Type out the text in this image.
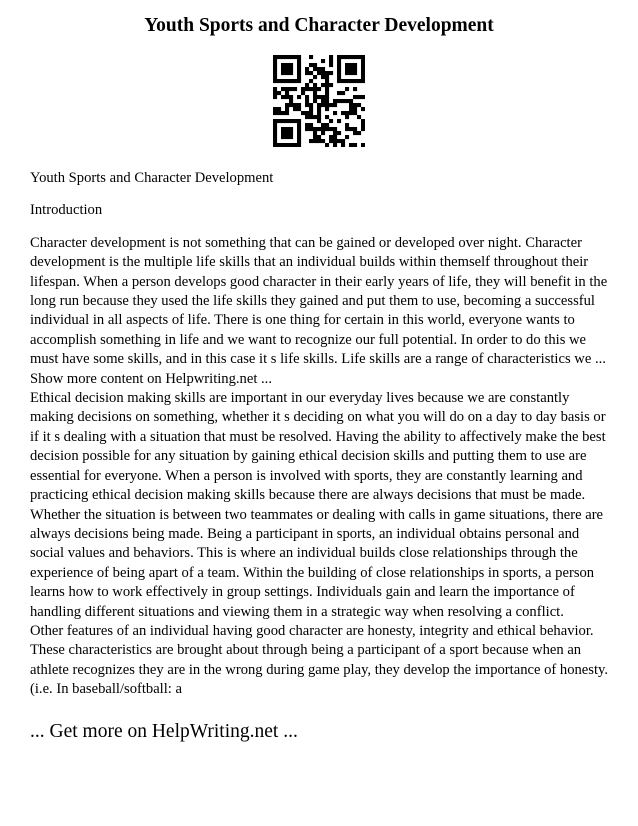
Youth Sports and Character Development

Youth Sports and Character Development

Introduction

Character development is not something that can be gained or developed over night. Character development is the multiple life skills that an individual builds within themself throughout their lifespan. When a person develops good character in their early years of life, they will benefit in the long run because they used the life skills they gained and put them to use, becoming a successful individual in all aspects of life. There is one thing for certain in this world, everyone wants to accomplish something in life and we want to recognize our full potential. In order to do this we must have some skills, and in this case it s life skills. Life skills are a range of characteristics we ... Show more content on Helpwriting.net ...

Ethical decision making skills are important in our everyday lives because we are constantly making decisions on something, whether it s deciding on what you will do on a day to day basis or if it s dealing with a situation that must be resolved. Having the ability to affectively make the best decision possible for any situation by gaining ethical decision skills and putting them to use are essential for everyone. When a person is involved with sports, they are constantly learning and practicing ethical decision making skills because there are always decisions that must be made. Whether the situation is between two teammates or dealing with calls in game situations, there are always decisions being made. Being a participant in sports, an individual obtains personal and social values and behaviors. This is where an individual builds close relationships through the experience of being apart of a team. Within the building of close relationships in sports, a person learns how to work effectively in group settings. Individuals gain and learn the importance of handling different situations and viewing them in a strategic way when resolving a conflict.

Other features of an individual having good character are honesty, integrity and ethical behavior. These characteristics are brought about through being a participant of a sport because when an athlete recognizes they are in the wrong during game play, they develop the importance of honesty. (i.e. In baseball/softball: a

... Get more on HelpWriting.net ...
